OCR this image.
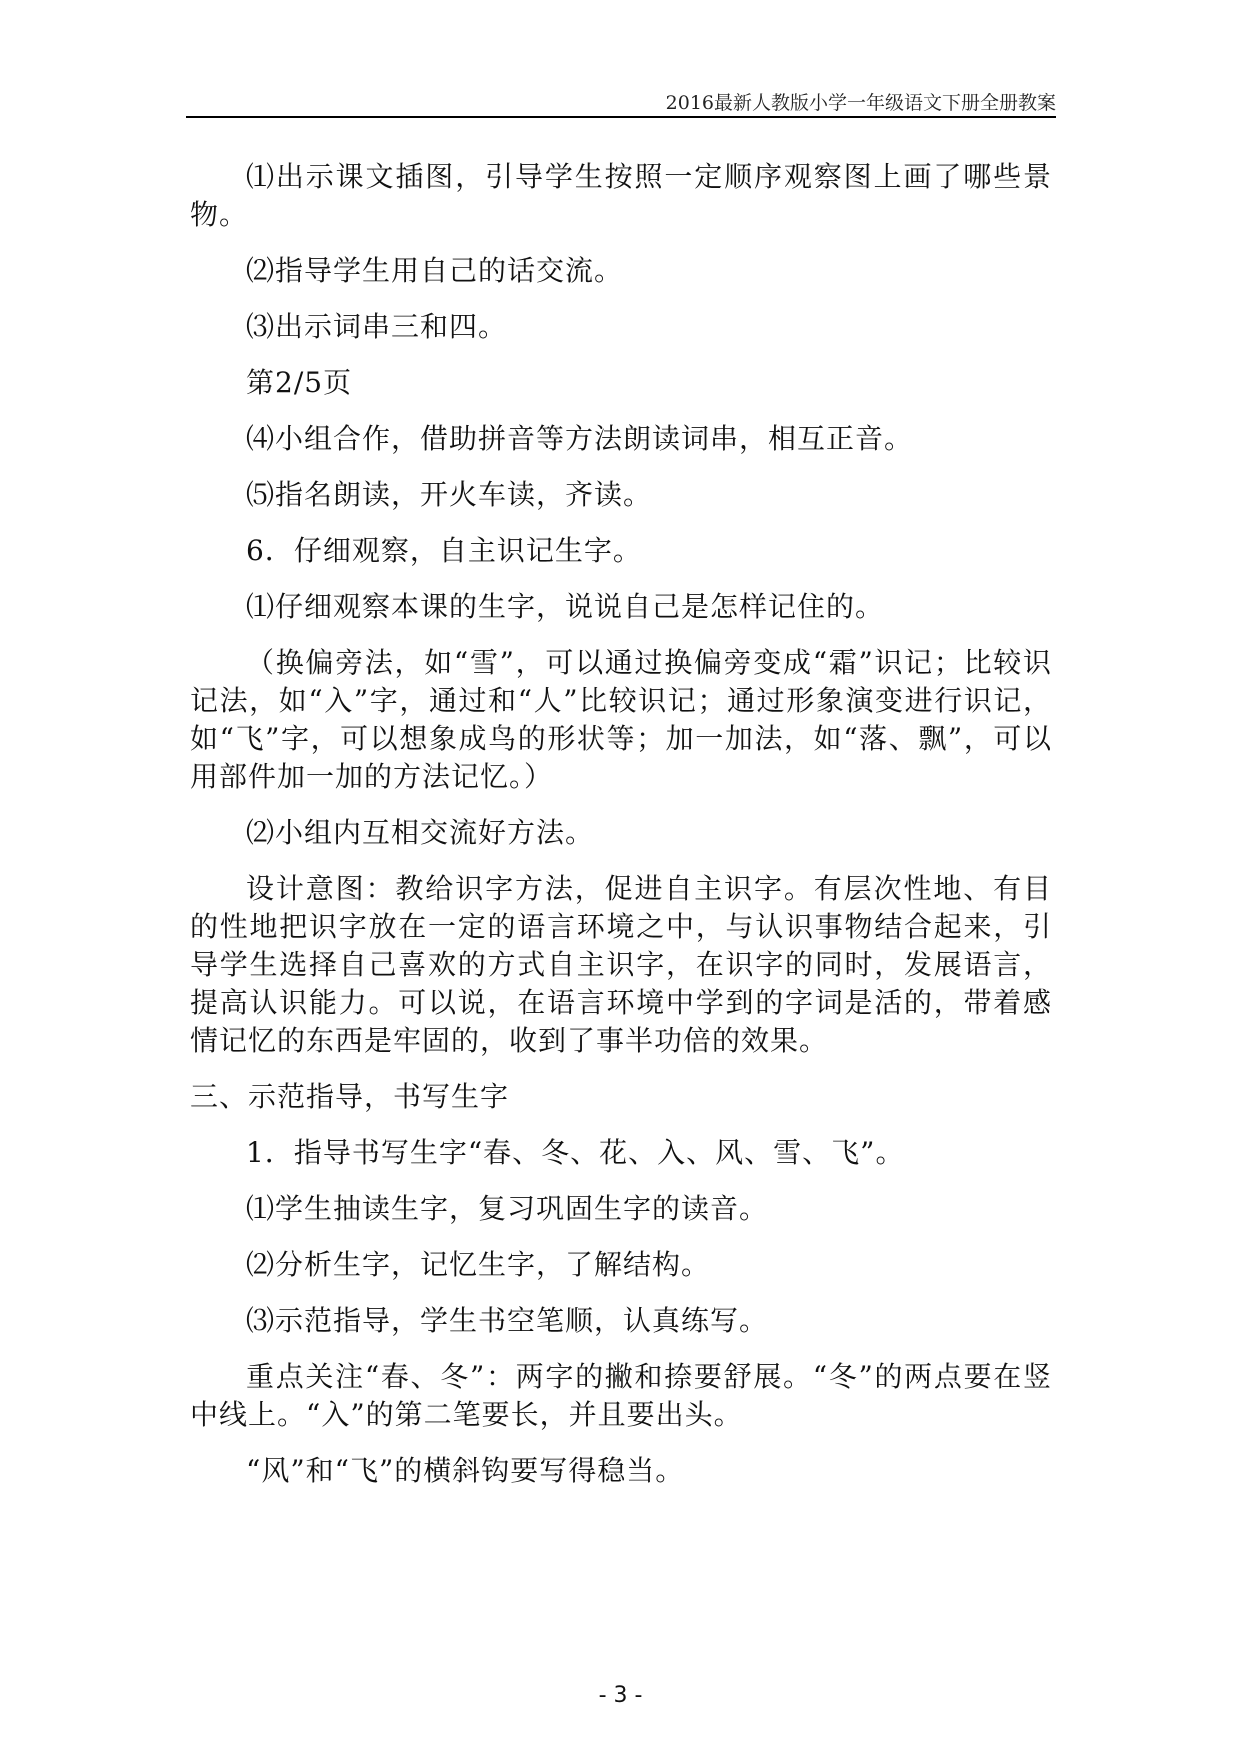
2016最新人教版小学一年级语文下册全册教案

⑴出示课文插图，引导学生按照一定顺序观察图上画了哪些景物。

⑵指导学生用自己的话交流。

⑶出示词串三和四。

第2/5页

⑷小组合作，借助拼音等方法朗读词串，相互正音。

⑸指名朗读，开火车读，齐读。

6．仔细观察，自主识记生字。

⑴仔细观察本课的生字，说说自己是怎样记住的。

（换偏旁法，如“雪”，可以通过换偏旁变成“霜”识记；比较识记法，如“入”字，通过和“人”比较识记；通过形象演变进行识记，如“飞”字，可以想象成鸟的形状等；加一加法，如“落、飘”，可以用部件加一加的方法记忆。）

⑵小组内互相交流好方法。

设计意图：教给识字方法，促进自主识字。有层次性地、有目的性地把识字放在一定的语言环境之中，与认识事物结合起来，引导学生选择自己喜欢的方式自主识字，在识字的同时，发展语言，提高认识能力。可以说，在语言环境中学到的字词是活的，带着感情记忆的东西是牢固的，收到了事半功倍的效果。

三、示范指导，书写生字

1．指导书写生字“春、冬、花、入、风、雪、飞”。

⑴学生抽读生字，复习巩固生字的读音。

⑵分析生字，记忆生字，了解结构。

⑶示范指导，学生书空笔顺，认真练写。

重点关注“春、冬”：两字的撇和捺要舒展。“冬”的两点要在竖中线上。“入”的第二笔要长，并且要出头。

“风”和“飞”的横斜钩要写得稳当。

- 3 -
